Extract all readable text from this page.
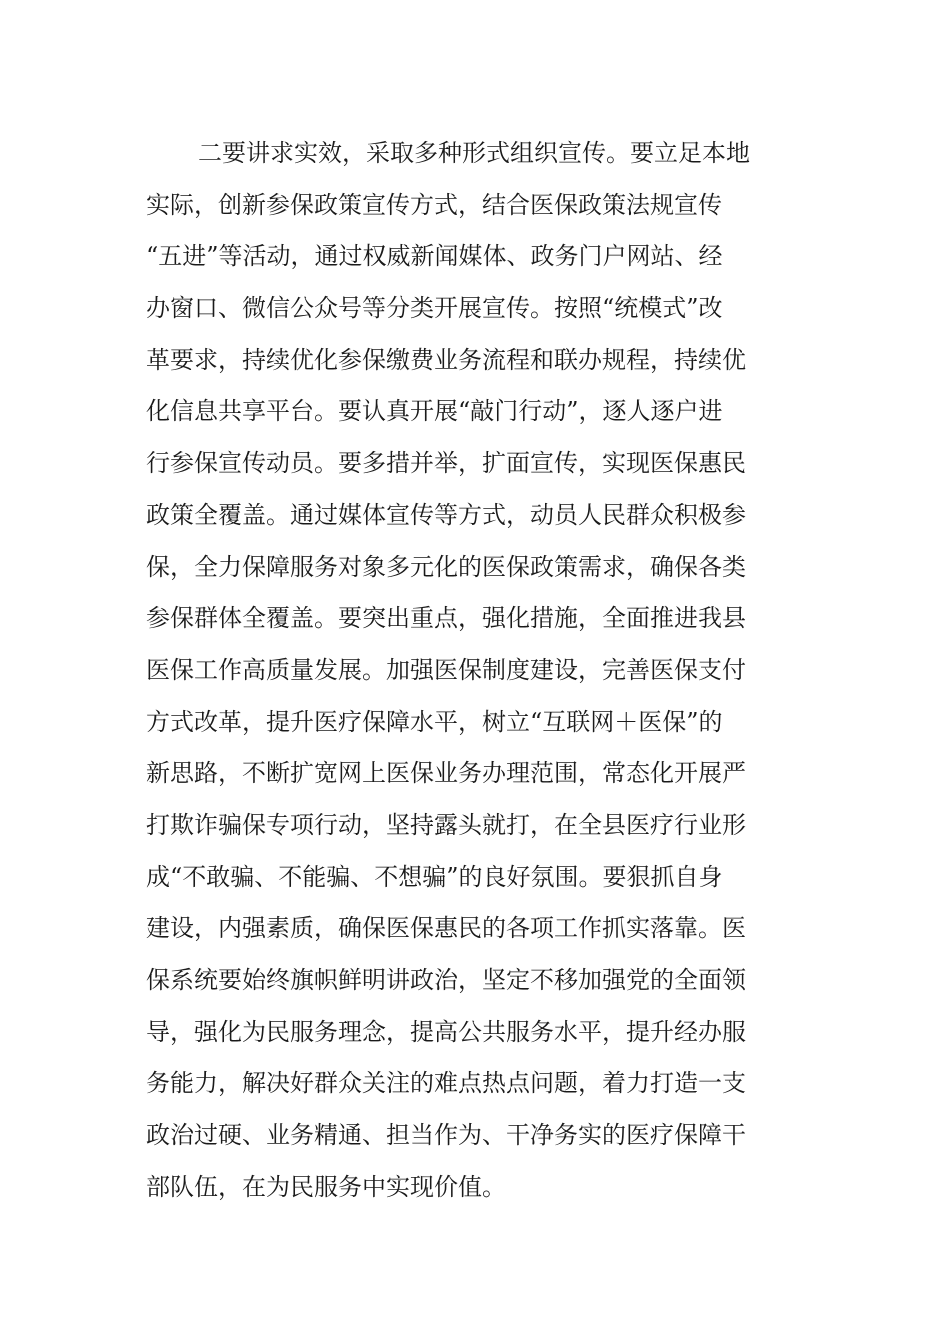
二要讲求实效，采取多种形式组织宣传。要立足本地
实际，创新参保政策宣传方式，结合医保政策法规宣传
“五进”等活动，通过权威新闻媒体、政务门户网站、经
办窗口、微信公众号等分类开展宣传。按照“统模式”改
革要求，持续优化参保缴费业务流程和联办规程，持续优
化信息共享平台。要认真开展“敲门行动”，逐人逐户进
行参保宣传动员。要多措并举，扩面宣传，实现医保惠民
政策全覆盖。通过媒体宣传等方式，动员人民群众积极参
保，全力保障服务对象多元化的医保政策需求，确保各类
参保群体全覆盖。要突出重点，强化措施，全面推进我县
医保工作高质量发展。加强医保制度建设，完善医保支付
方式改革，提升医疗保障水平，树立“互联网＋医保”的
新思路，不断扩宽网上医保业务办理范围，常态化开展严
打欺诈骗保专项行动，坚持露头就打，在全县医疗行业形
成“不敢骗、不能骗、不想骗”的良好氛围。要狠抓自身
建设，内强素质，确保医保惠民的各项工作抓实落靠。医
保系统要始终旗帜鲜明讲政治，坚定不移加强党的全面领
导，强化为民服务理念，提高公共服务水平，提升经办服
务能力，解决好群众关注的难点热点问题，着力打造一支
政治过硬、业务精通、担当作为、干净务实的医疗保障干
部队伍，在为民服务中实现价值。
